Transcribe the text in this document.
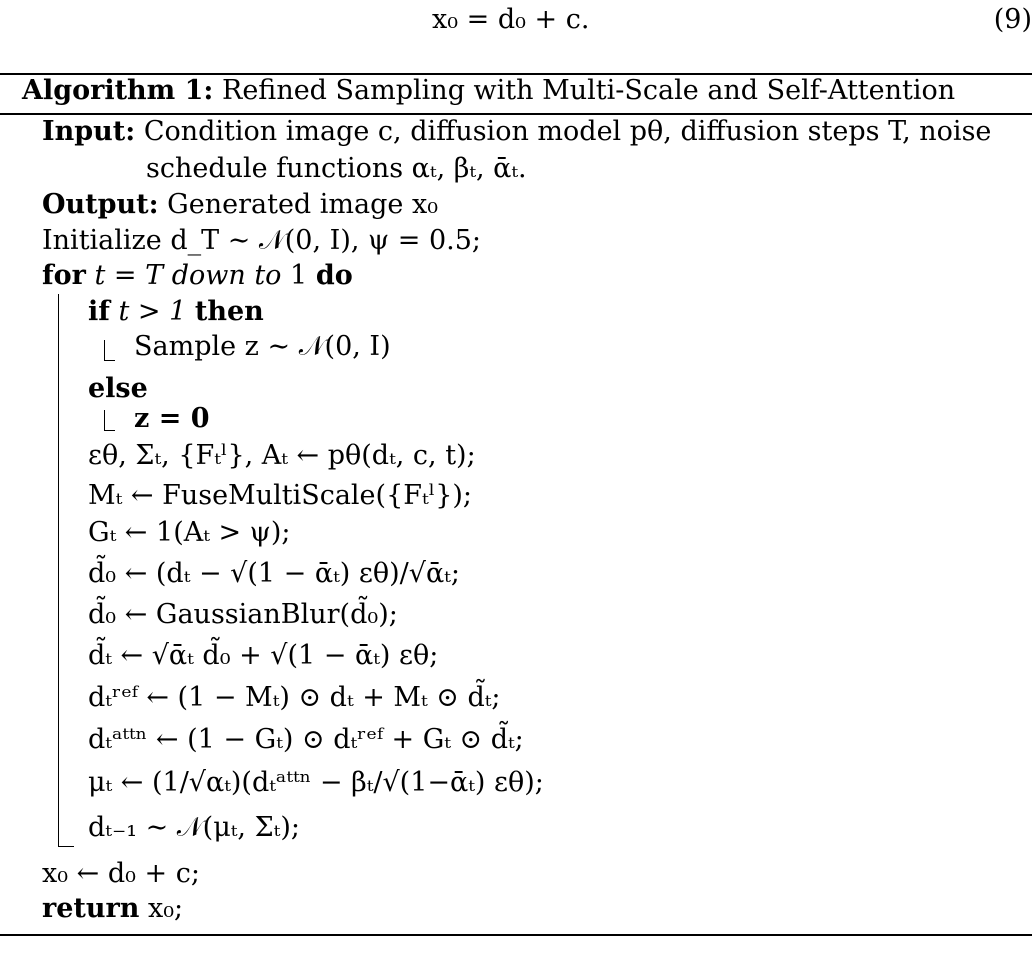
x₀ = d₀ + c.	(9)
Algorithm 1: Refined Sampling with Multi-Scale and Self-Attention
Input: Condition image c, diffusion model pθ, diffusion steps T, noise
schedule functions αₜ, βₜ, ᾱₜ.
Output: Generated image x₀
Initialize d_T ∼ 𝒩(0, I), ψ = 0.5;
for t = T down to 1 do
if t > 1 then
Sample z ∼ 𝒩(0, I)
else
z = 0
εθ, Σₜ, {Fₜˡ}, Aₜ ← pθ(dₜ, c, t);
Mₜ ← FuseMultiScale({Fₜˡ});
Gₜ ← 1(Aₜ > ψ);
d̃₀ ← (dₜ − √(1 − ᾱₜ) εθ)/√ᾱₜ;
d̃₀ ← GaussianBlur(d̃₀);
d̃ₜ ← √ᾱₜ d̃₀ + √(1 − ᾱₜ) εθ;
dₜʳᵉᶠ ← (1 − Mₜ) ⊙ dₜ + Mₜ ⊙ d̃ₜ;
dₜᵃᵗᵗⁿ ← (1 − Gₜ) ⊙ dₜʳᵉᶠ + Gₜ ⊙ d̃ₜ;
μₜ ← (1/√αₜ)(dₜᵃᵗᵗⁿ − βₜ/√(1−ᾱₜ) εθ);
dₜ₋₁ ∼ 𝒩(μₜ, Σₜ);
x₀ ← d₀ + c;
return x₀;
